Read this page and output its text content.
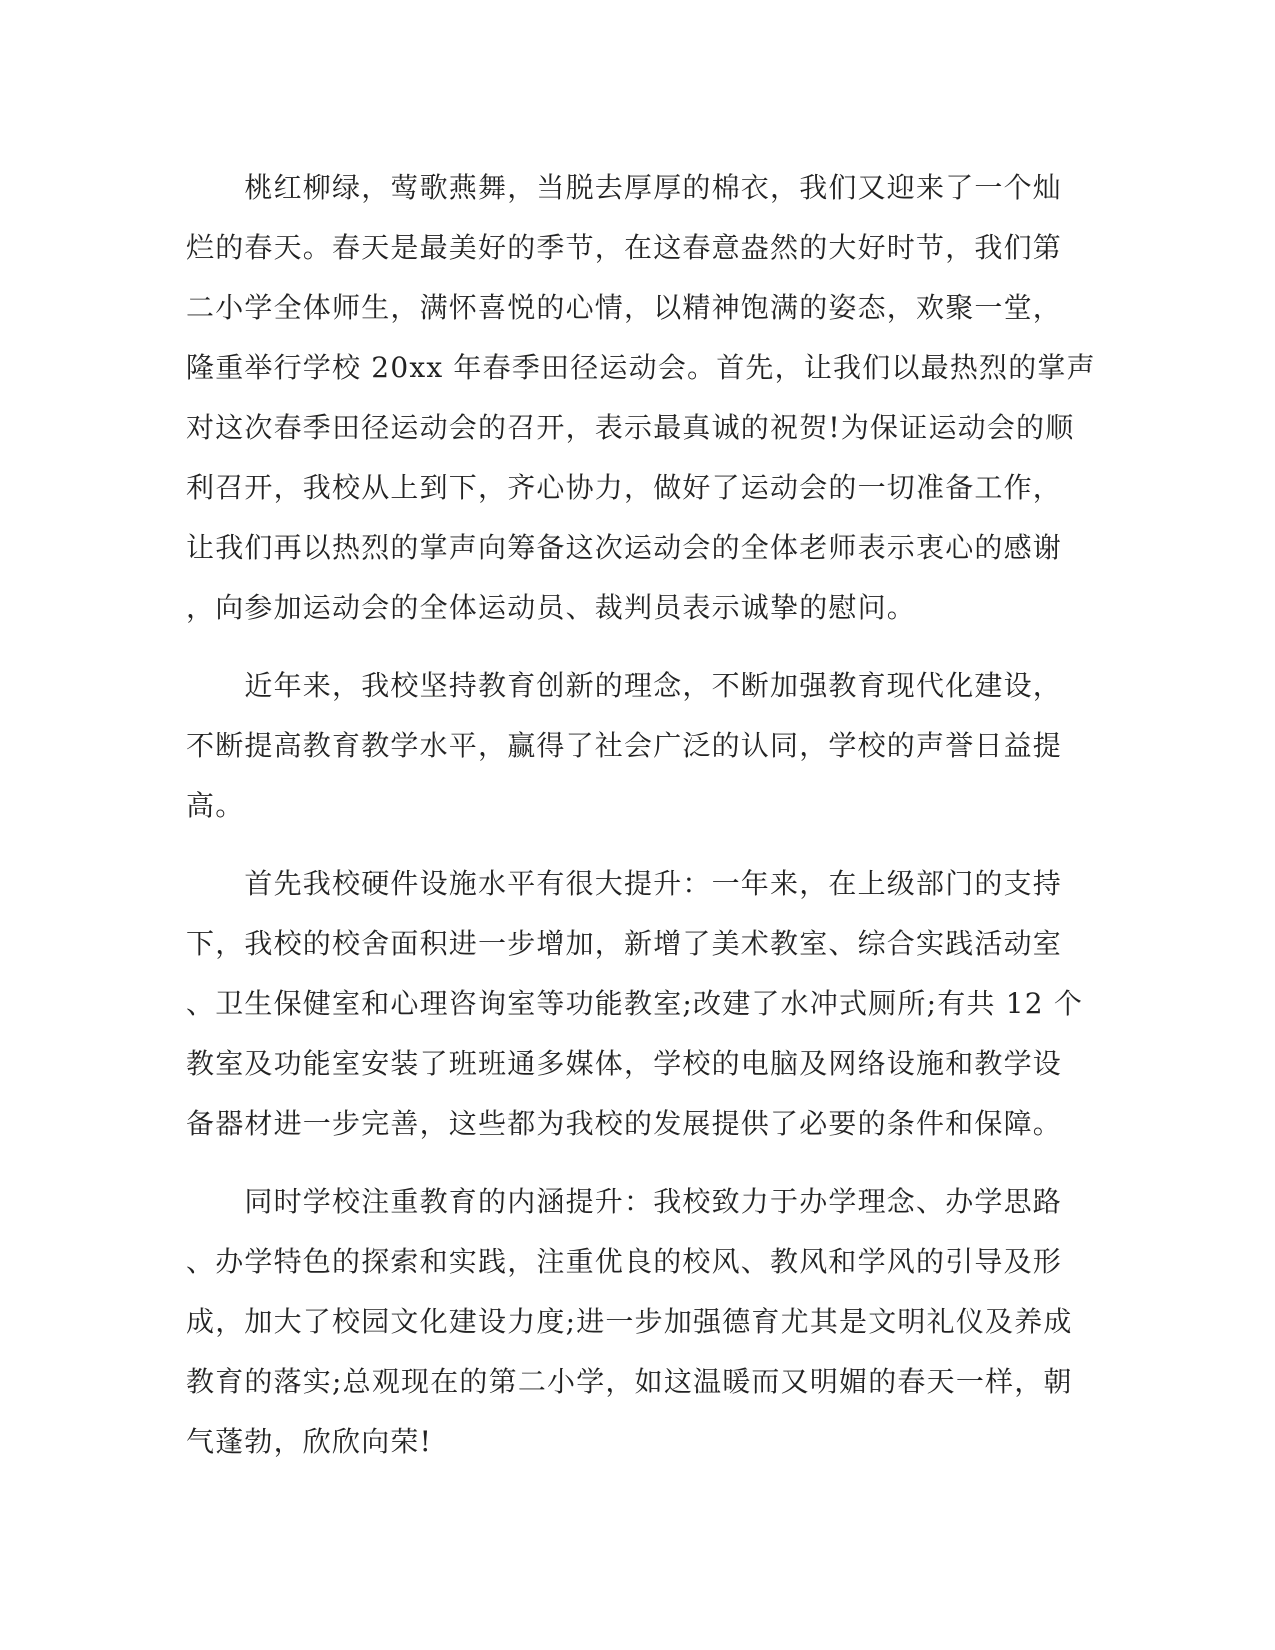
　　桃红柳绿，莺歌燕舞，当脱去厚厚的棉衣，我们又迎来了一个灿
烂的春天。春天是最美好的季节，在这春意盎然的大好时节，我们第
二小学全体师生，满怀喜悦的心情，以精神饱满的姿态，欢聚一堂，
隆重举行学校 20xx 年春季田径运动会。首先，让我们以最热烈的掌声
对这次春季田径运动会的召开，表示最真诚的祝贺!为保证运动会的顺
利召开，我校从上到下，齐心协力，做好了运动会的一切准备工作，
让我们再以热烈的掌声向筹备这次运动会的全体老师表示衷心的感谢
，向参加运动会的全体运动员、裁判员表示诚挚的慰问。
　　近年来，我校坚持教育创新的理念，不断加强教育现代化建设，
不断提高教育教学水平，赢得了社会广泛的认同，学校的声誉日益提
高。
　　首先我校硬件设施水平有很大提升：一年来，在上级部门的支持
下，我校的校舍面积进一步增加，新增了美术教室、综合实践活动室
、卫生保健室和心理咨询室等功能教室;改建了水冲式厕所;有共 12 个
教室及功能室安装了班班通多媒体，学校的电脑及网络设施和教学设
备器材进一步完善，这些都为我校的发展提供了必要的条件和保障。
　　同时学校注重教育的内涵提升：我校致力于办学理念、办学思路
、办学特色的探索和实践，注重优良的校风、教风和学风的引导及形
成，加大了校园文化建设力度;进一步加强德育尤其是文明礼仪及养成
教育的落实;总观现在的第二小学，如这温暖而又明媚的春天一样，朝
气蓬勃，欣欣向荣!
